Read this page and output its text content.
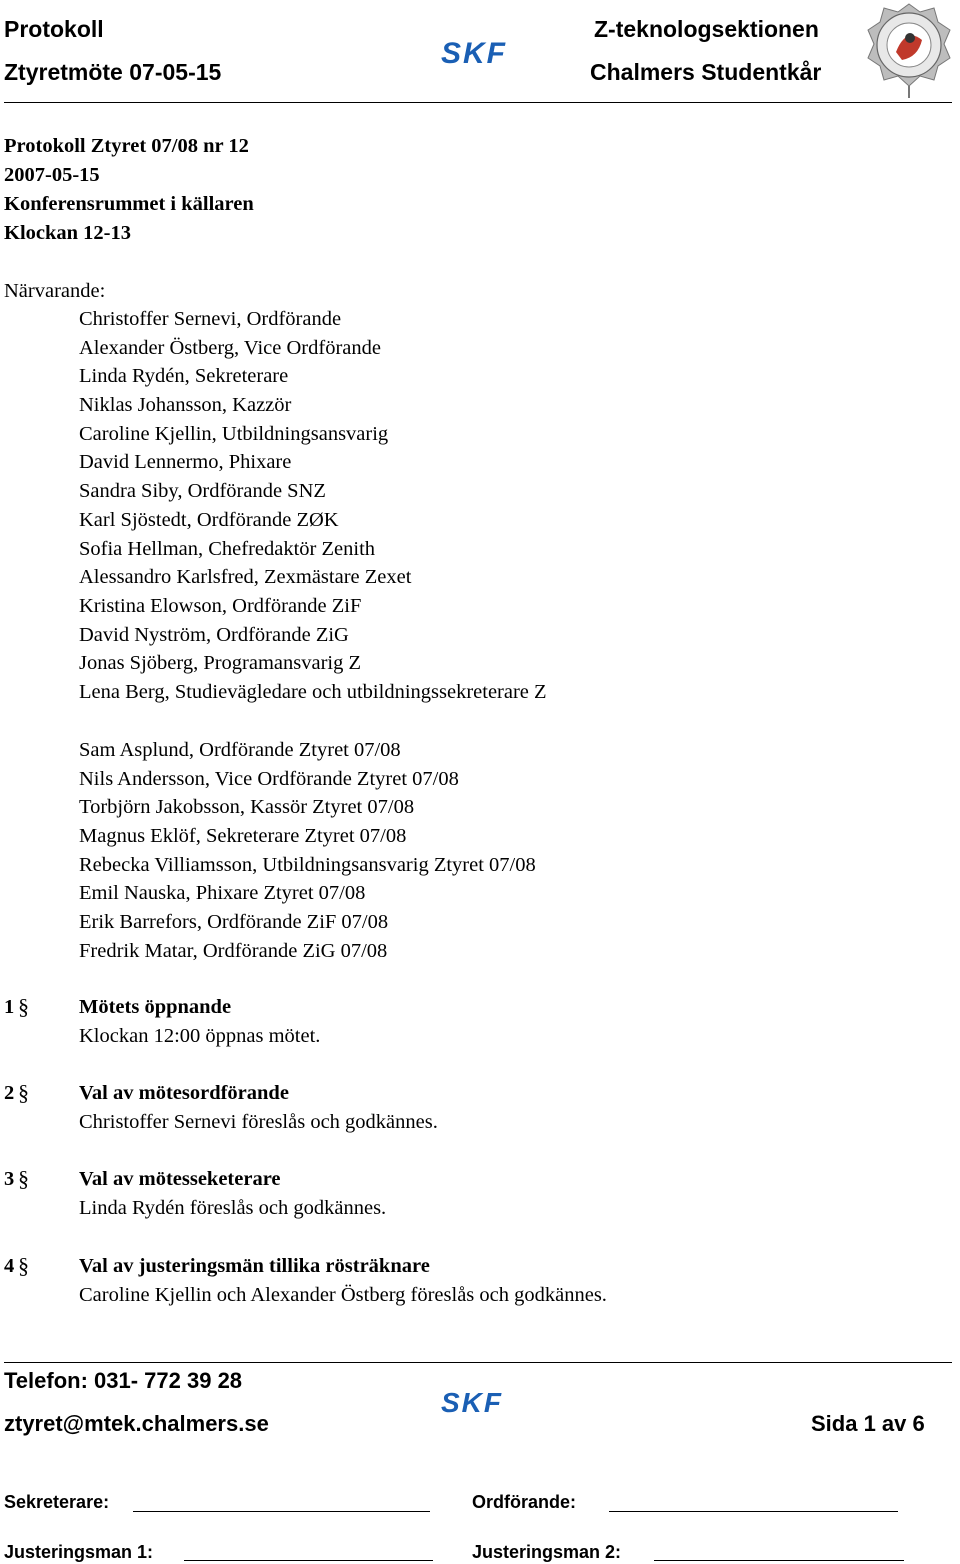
Protokoll
Ztyretmöte 07-05-15
Z-teknologsektionen
Chalmers Studentkår
SKF
Protokoll Ztyret 07/08 nr 12
2007-05-15
Konferensrummet i källaren
Klockan 12-13
Närvarande:
Christoffer Sernevi, Ordförande
Alexander Östberg, Vice Ordförande
Linda Rydén, Sekreterare
Niklas Johansson, Kazzör
Caroline Kjellin, Utbildningsansvarig
David Lennermo, Phixare
Sandra Siby, Ordförande SNZ
Karl Sjöstedt, Ordförande ZØK
Sofia Hellman, Chefredaktör Zenith
Alessandro Karlsfred, Zexmästare Zexet
Kristina Elowson, Ordförande ZiF
David Nyström, Ordförande ZiG
Jonas Sjöberg, Programansvarig Z
Lena Berg, Studievägledare och utbildningssekreterare Z
Sam Asplund, Ordförande Ztyret 07/08
Nils Andersson, Vice Ordförande Ztyret 07/08
Torbjörn Jakobsson, Kassör Ztyret 07/08
Magnus Eklöf, Sekreterare Ztyret 07/08
Rebecka Villiamsson, Utbildningsansvarig Ztyret 07/08
Emil Nauska, Phixare Ztyret 07/08
Erik Barrefors, Ordförande ZiF 07/08
Fredrik Matar, Ordförande ZiG 07/08
1 § Mötets öppnande
Klockan 12:00 öppnas mötet.
2 § Val av mötesordförande
Christoffer Sernevi föreslås och godkännes.
3 § Val av mötesseketerare
Linda Rydén föreslås och godkännes.
4 § Val av justeringsmän tillika rösträknare
Caroline Kjellin och Alexander Östberg föreslås och godkännes.
Telefon: 031- 772 39 28
SKF
ztyret@mtek.chalmers.se	Sida 1 av 6
Sekreterare:	Ordförande:
Justeringsman 1:	Justeringsman 2:
